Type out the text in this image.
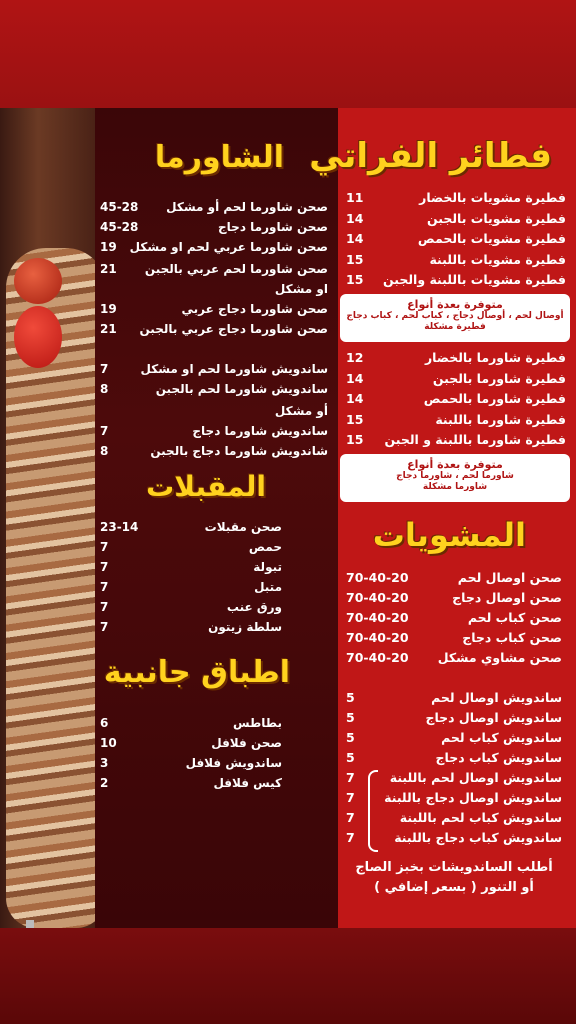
الشاورما
المقبلات
اطباق جانبية
فطائر الفراتي
المشويات
صحن شاورما لحم أو مشكل
45-28
صحن شاورما دجاج
45-28
صحن شاورما عربي لحم او مشكل
19
صحن شاورما لحم عربي بالجبن
21
او مشكل
صحن شاورما دجاج عربي
19
صحن شاورما دجاج عربي بالجبن
21
ساندويش شاورما لحم او مشكل
7
ساندويش شاورما لحم بالجبن
8
أو مشكل
ساندويش شاورما دجاج
7
شاندويش شاورما دجاج بالجبن
8
صحن مقبلات
23-14
حمص
7
تبولة
7
متبل
7
ورق عنب
7
سلطة زيتون
7
بطاطس
6
صحن فلافل
10
ساندويش فلافل
3
كيس فلافل
2
فطيرة مشويات بالخضار
11
فطيرة مشويات بالجبن
14
فطيرة مشويات بالحمص
14
فطيرة مشويات باللبنة
15
فطيرة مشويات باللبنة والجبن
15
فطيرة شاورما بالخضار
12
فطيرة شاورما بالجبن
14
فطيرة شاورما بالحمص
14
فطيرة شاورما باللبنة
15
فطيرة شاورما باللبنة و الجبن
15
صحن اوصال لحم
70-40-20
صحن اوصال دجاج
70-40-20
صحن كباب لحم
70-40-20
صحن كباب دجاج
70-40-20
صحن مشاوي مشكل
70-40-20
ساندويش اوصال لحم
5
ساندويش اوصال دجاج
5
ساندويش كباب لحم
5
ساندويش كباب دجاج
5
ساندويش اوصال لحم باللبنة
7
ساندويش اوصال دجاج باللبنة
7
ساندويش كباب لحم باللبنة
7
ساندويش كباب دجاج باللبنة
7
متوفرة بعدة أنواع
أوصال لحم ، أوصال دجاج ، كباب لحم ، كباب دجاج
فطيرة مشكلة
متوفرة بعدة أنواع
شاورما لحم ، شاورما دجاج
شاورما مشكلة
أطلب الساندويشات بخبز الصاج
أو التنور ( بسعر إضافي )
